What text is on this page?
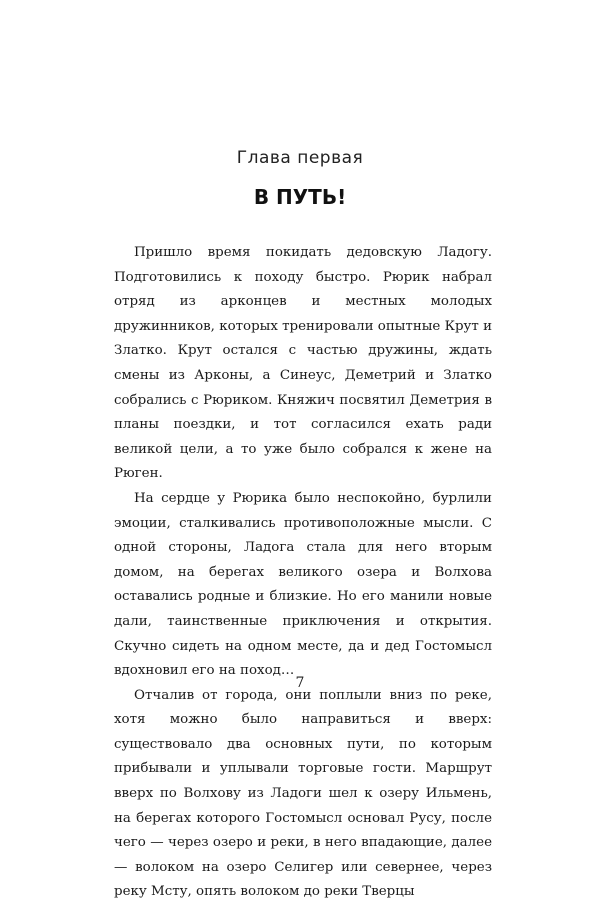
Глава первая
В ПУТЬ!

Пришло время покидать дедовскую Ладогу. Подготовились к походу быстро. Рюрик набрал отряд из арконцев и местных молодых дружинников, которых тренировали опытные Крут и Златко. Крут остался с частью дружины, ждать смены из Арконы, а Синеус, Деметрий и Златко собрались с Рюриком. Княжич посвятил Деметрия в планы поездки, и тот согласился ехать ради великой цели, а то уже было собрался к жене на Рюген.

На сердце у Рюрика было неспокойно, бурлили эмоции, сталкивались противоположные мысли. С одной стороны, Ладога стала для него вторым домом, на берегах великого озера и Волхова оставались родные и близкие. Но его манили новые дали, таинственные приключения и открытия. Скучно сидеть на одном месте, да и дед Гостомысл вдохновил его на поход…

Отчалив от города, они поплыли вниз по реке, хотя можно было направиться и вверх: существовало два основных пути, по которым прибывали и уплывали торговые гости. Маршрут вверх по Волхову из Ладоги шел к озеру Ильмень, на берегах которого Гостомысл основал Русу, после чего — через озеро и реки, в него впадающие, далее — волоком на озеро Селигер или севернее, через реку Мсту, опять волоком до реки Тверцы

7
